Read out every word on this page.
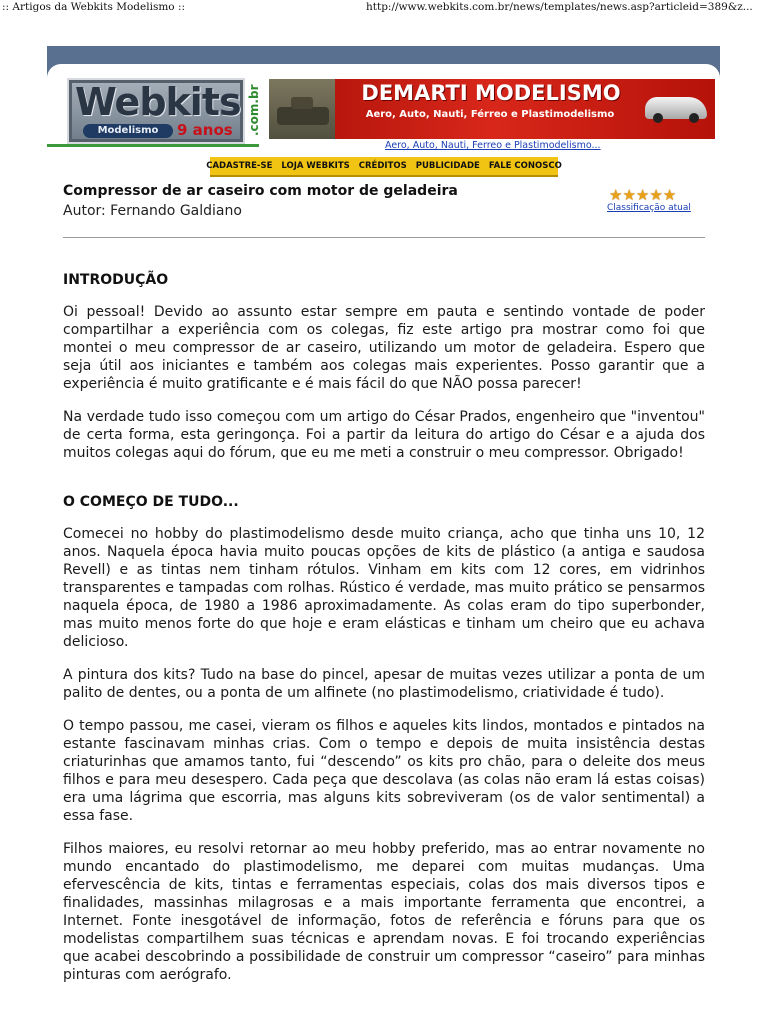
:: Artigos da Webkits Modelismo ::	http://www.webkits.com.br/news/templates/news.asp?articleid=389&z...
Webkits
Modelismo	9 anos .com.br	DEMARTI MODELISMO
Aero, Auto, Nauti, Férreo e Plastimodelismo
Aero, Auto, Nauti, Ferreo e Plastimodelismo...
CADASTRE-SE LOJA WEBKITS CRÉDITOS PUBLICIDADE FALE CONOSCO
Compressor de ar caseiro com motor de geladeira
Autor: Fernando Galdiano
★ ★ ★ ★ ★
Classificação atual
INTRODUÇÃO

Oi pessoal! Devido ao assunto estar sempre em pauta e sentindo vontade de poder compartilhar a experiência com os colegas, fiz este artigo pra mostrar como foi que montei o meu compressor de ar caseiro, utilizando um motor de geladeira. Espero que seja útil aos iniciantes e também aos colegas mais experientes. Posso garantir que a experiência é muito gratificante e é mais fácil do que NÃO possa parecer!

Na verdade tudo isso começou com um artigo do César Prados, engenheiro que "inventou" de certa forma, esta geringonça. Foi a partir da leitura do artigo do César e a ajuda dos muitos colegas aqui do fórum, que eu me meti a construir o meu compressor. Obrigado!

O COMEÇO DE TUDO...

Comecei no hobby do plastimodelismo desde muito criança, acho que tinha uns 10, 12 anos. Naquela época havia muito poucas opções de kits de plástico (a antiga e saudosa Revell) e as tintas nem tinham rótulos. Vinham em kits com 12 cores, em vidrinhos transparentes e tampadas com rolhas. Rústico é verdade, mas muito prático se pensarmos naquela época, de 1980 a 1986 aproximadamente. As colas eram do tipo superbonder, mas muito menos forte do que hoje e eram elásticas e tinham um cheiro que eu achava delicioso.

A pintura dos kits? Tudo na base do pincel, apesar de muitas vezes utilizar a ponta de um palito de dentes, ou a ponta de um alfinete (no plastimodelismo, criatividade é tudo).

O tempo passou, me casei, vieram os filhos e aqueles kits lindos, montados e pintados na estante fascinavam minhas crias. Com o tempo e depois de muita insistência destas criaturinhas que amamos tanto, fui “descendo” os kits pro chão, para o deleite dos meus filhos e para meu desespero. Cada peça que descolava (as colas não eram lá estas coisas) era uma lágrima que escorria, mas alguns kits sobreviveram (os de valor sentimental) a essa fase.

Filhos maiores, eu resolvi retornar ao meu hobby preferido, mas ao entrar novamente no mundo encantado do plastimodelismo, me deparei com muitas mudanças. Uma efervescência de kits, tintas e ferramentas especiais, colas dos mais diversos tipos e finalidades, massinhas milagrosas e a mais importante ferramenta que encontrei, a Internet. Fonte inesgotável de informação, fotos de referência e fóruns para que os modelistas compartilhem suas técnicas e aprendam novas. E foi trocando experiências que acabei descobrindo a possibilidade de construir um compressor “caseiro” para minhas pinturas com aerógrafo.
